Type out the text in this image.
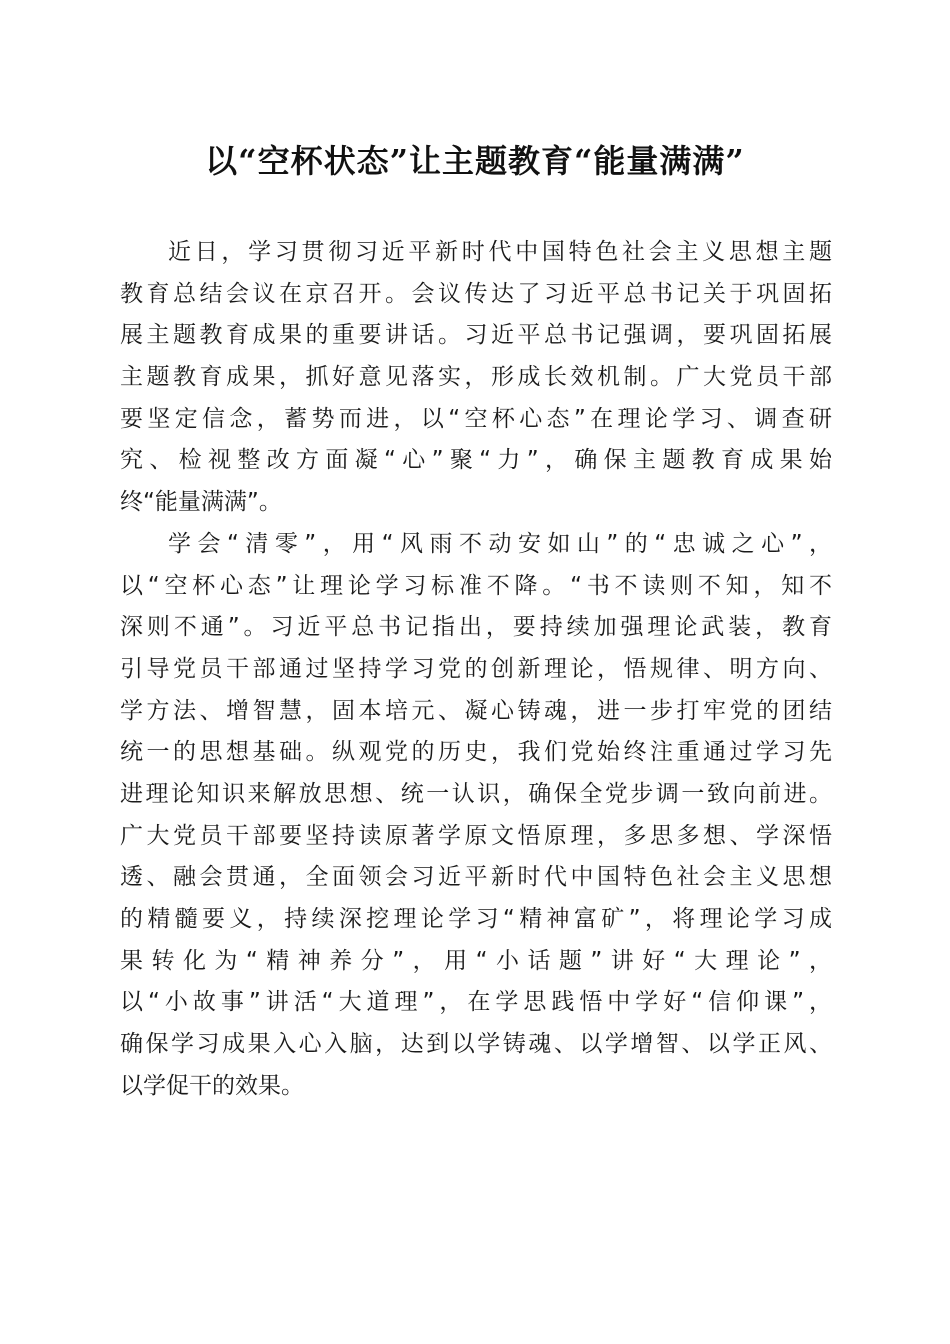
以“空杯状态”让主题教育“能量满满”
近日，学习贯彻习近平新时代中国特色社会主义思想主题
教育总结会议在京召开。会议传达了习近平总书记关于巩固拓
展主题教育成果的重要讲话。习近平总书记强调，要巩固拓展
主题教育成果，抓好意见落实，形成长效机制。广大党员干部
要坚定信念，蓄势而进，以“空杯心态”在理论学习、调查研
究、检视整改方面凝“心”聚“力”，确保主题教育成果始
终“能量满满”。
学会“清零”，用“风雨不动安如山”的“忠诚之心”，
以“空杯心态”让理论学习标准不降。“书不读则不知，知不
深则不通”。习近平总书记指出，要持续加强理论武装，教育
引导党员干部通过坚持学习党的创新理论，悟规律、明方向、
学方法、增智慧，固本培元、凝心铸魂，进一步打牢党的团结
统一的思想基础。纵观党的历史，我们党始终注重通过学习先
进理论知识来解放思想、统一认识，确保全党步调一致向前进。
广大党员干部要坚持读原著学原文悟原理，多思多想、学深悟
透、融会贯通，全面领会习近平新时代中国特色社会主义思想
的精髓要义，持续深挖理论学习“精神富矿”，将理论学习成
果转化为“精神养分”，用“小话题”讲好“大理论”，
以“小故事”讲活“大道理”，在学思践悟中学好“信仰课”，
确保学习成果入心入脑，达到以学铸魂、以学增智、以学正风、
以学促干的效果。
